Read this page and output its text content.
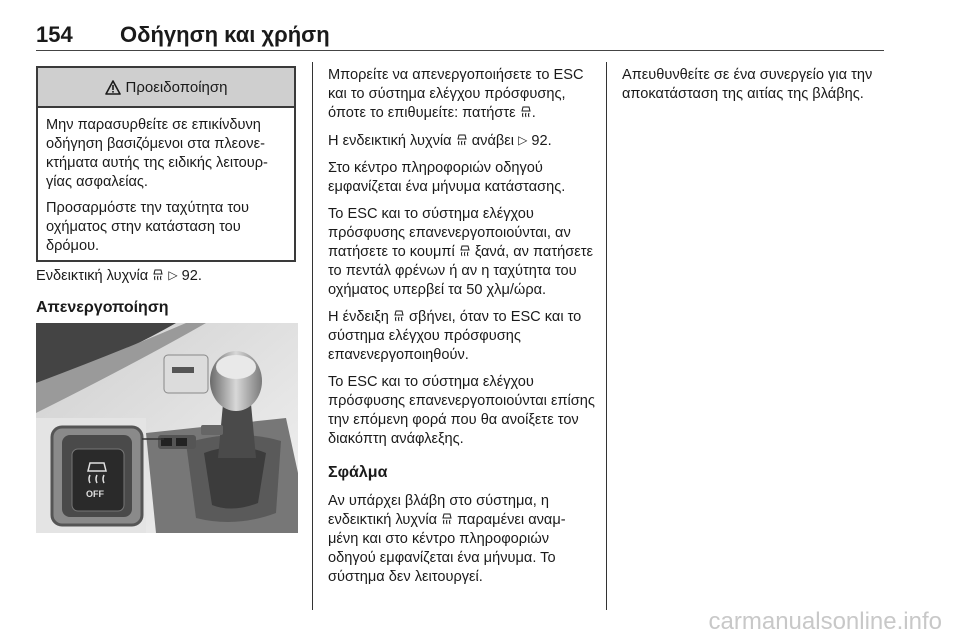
154 Οδήγηση και χρήση
Προειδοποίηση

Μην παρασυρθείτε σε επικίνδυνη οδήγηση βασιζόμενοι στα πλεονε- κτήματα αυτής της ειδικής λειτουρ- γίας ασφαλείας.

Προσαρμόστε την ταχύτητα του οχήματος στην κατάσταση του δρόμου.

Ενδεικτική λυχνία ▷ 92.

Απενεργοποίηση

OFF

Μπορείτε να απενεργοποιήσετε το ESC και το σύστημα ελέγχου πρόσφυσης, όποτε το επιθυμείτε: πατήστε .

Η ενδεικτική λυχνία ανάβει ▷ 92.

Στο κέντρο πληροφοριών οδηγού εμφανίζεται ένα μήνυμα κατάστασης.

Το ESC και το σύστημα ελέγχου πρόσφυσης επανενεργοποιούνται, αν πατήσετε το κουμπί ξανά, αν πατήσετε το πεντάλ φρένων ή αν η ταχύτητα του οχήματος υπερβεί τα 50 χλμ/ώρα.

Η ένδειξη σβήνει, όταν το ESC και το σύστημα ελέγχου πρόσφυσης επανενεργοποιηθούν.

Το ESC και το σύστημα ελέγχου πρόσφυσης επανενεργοποιούνται επίσης την επόμενη φορά που θα ανοίξετε τον διακόπτη ανάφλεξης.

Σφάλμα

Αν υπάρχει βλάβη στο σύστημα, η ενδεικτική λυχνία παραμένει αναμ- μένη και στο κέντρο πληροφοριών οδηγού εμφανίζεται ένα μήνυμα. Το σύστημα δεν λειτουργεί.

Απευθυνθείτε σε ένα συνεργείο για την αποκατάσταση της αιτίας της βλάβης.

carmanualsonline.info
